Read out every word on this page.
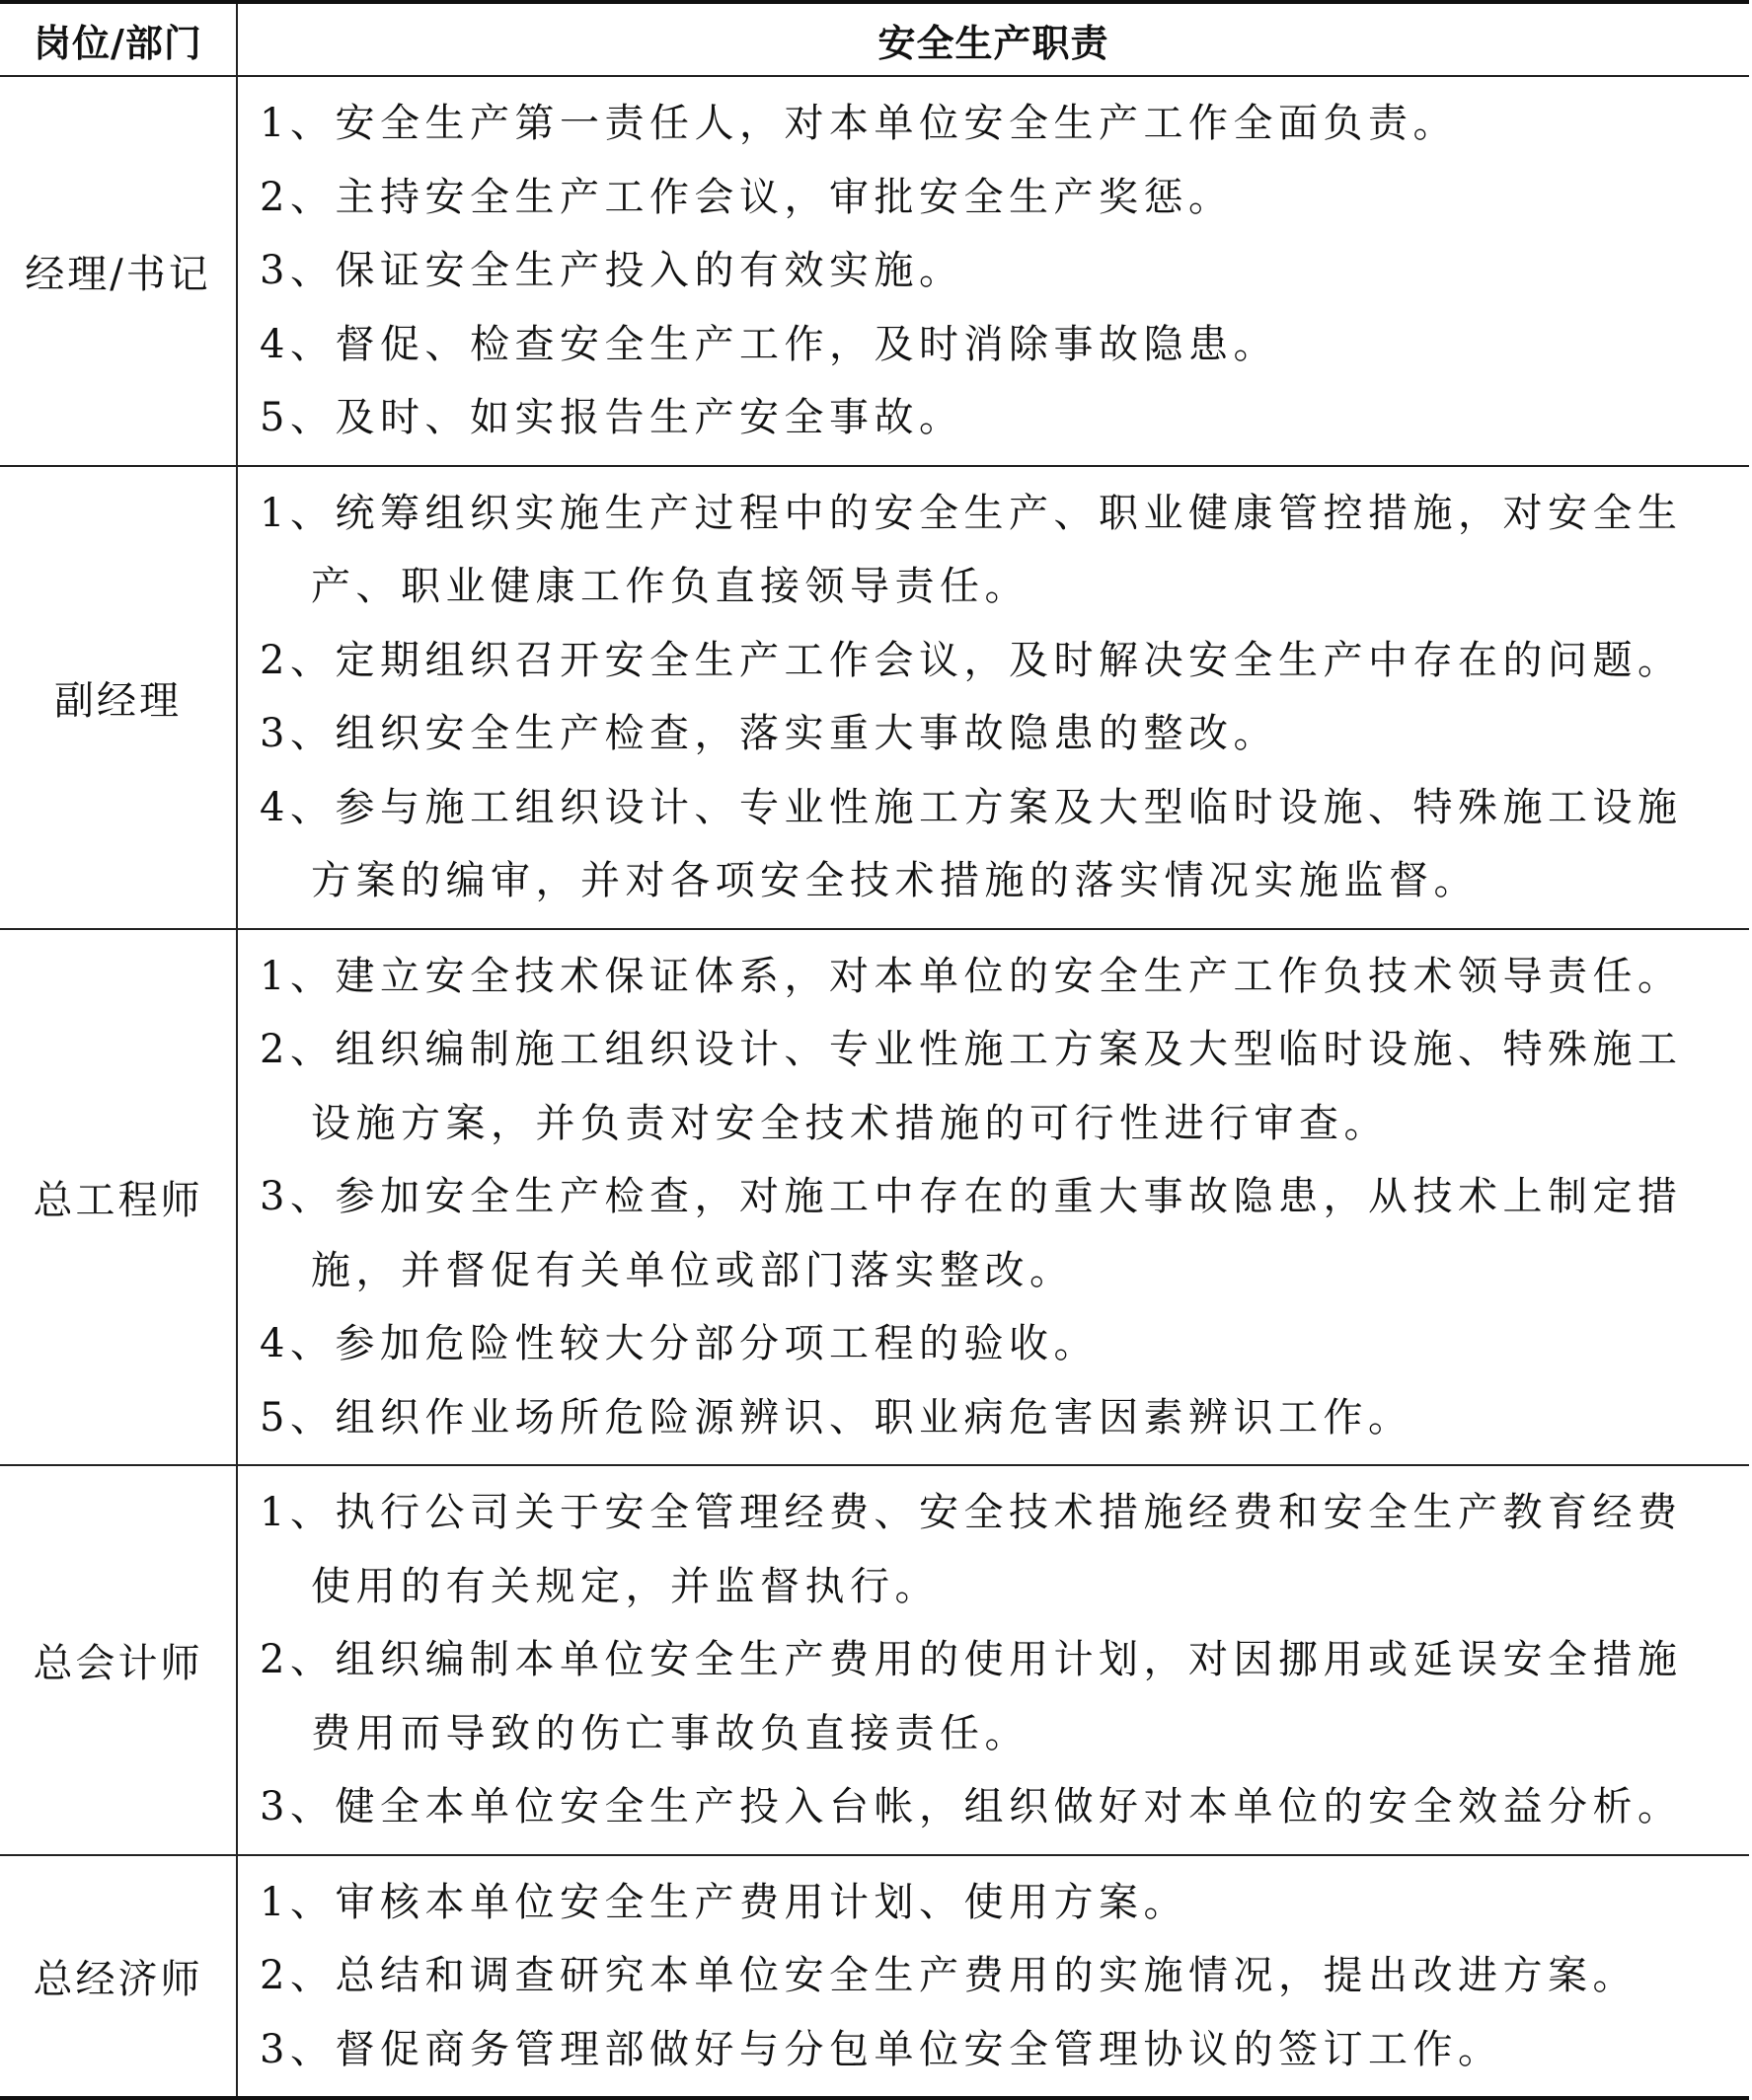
岗位/部门	安全生产职责
经理/书记	1、安全生产第一责任人，对本单位安全生产工作全面负责。
2、主持安全生产工作会议，审批安全生产奖惩。
3、保证安全生产投入的有效实施。
4、督促、检查安全生产工作，及时消除事故隐患。
5、及时、如实报告生产安全事故。

副经理	1、统筹组织实施生产过程中的安全生产、职业健康管控措施，对安全生产、职业健康工作负直接领导责任。
2、定期组织召开安全生产工作会议，及时解决安全生产中存在的问题。
3、组织安全生产检查，落实重大事故隐患的整改。
4、参与施工组织设计、专业性施工方案及大型临时设施、特殊施工设施方案的编审，并对各项安全技术措施的落实情况实施监督。

总工程师	1、建立安全技术保证体系，对本单位的安全生产工作负技术领导责任。
2、组织编制施工组织设计、专业性施工方案及大型临时设施、特殊施工设施方案，并负责对安全技术措施的可行性进行审查。
3、参加安全生产检查，对施工中存在的重大事故隐患，从技术上制定措施，并督促有关单位或部门落实整改。
4、参加危险性较大分部分项工程的验收。
5、组织作业场所危险源辨识、职业病危害因素辨识工作。

总会计师	1、执行公司关于安全管理经费、安全技术措施经费和安全生产教育经费使用的有关规定，并监督执行。
2、组织编制本单位安全生产费用的使用计划，对因挪用或延误安全措施费用而导致的伤亡事故负直接责任。
3、健全本单位安全生产投入台帐，组织做好对本单位的安全效益分析。

总经济师	1、审核本单位安全生产费用计划、使用方案。
2、总结和调查研究本单位安全生产费用的实施情况，提出改进方案。
3、督促商务管理部做好与分包单位安全管理协议的签订工作。
